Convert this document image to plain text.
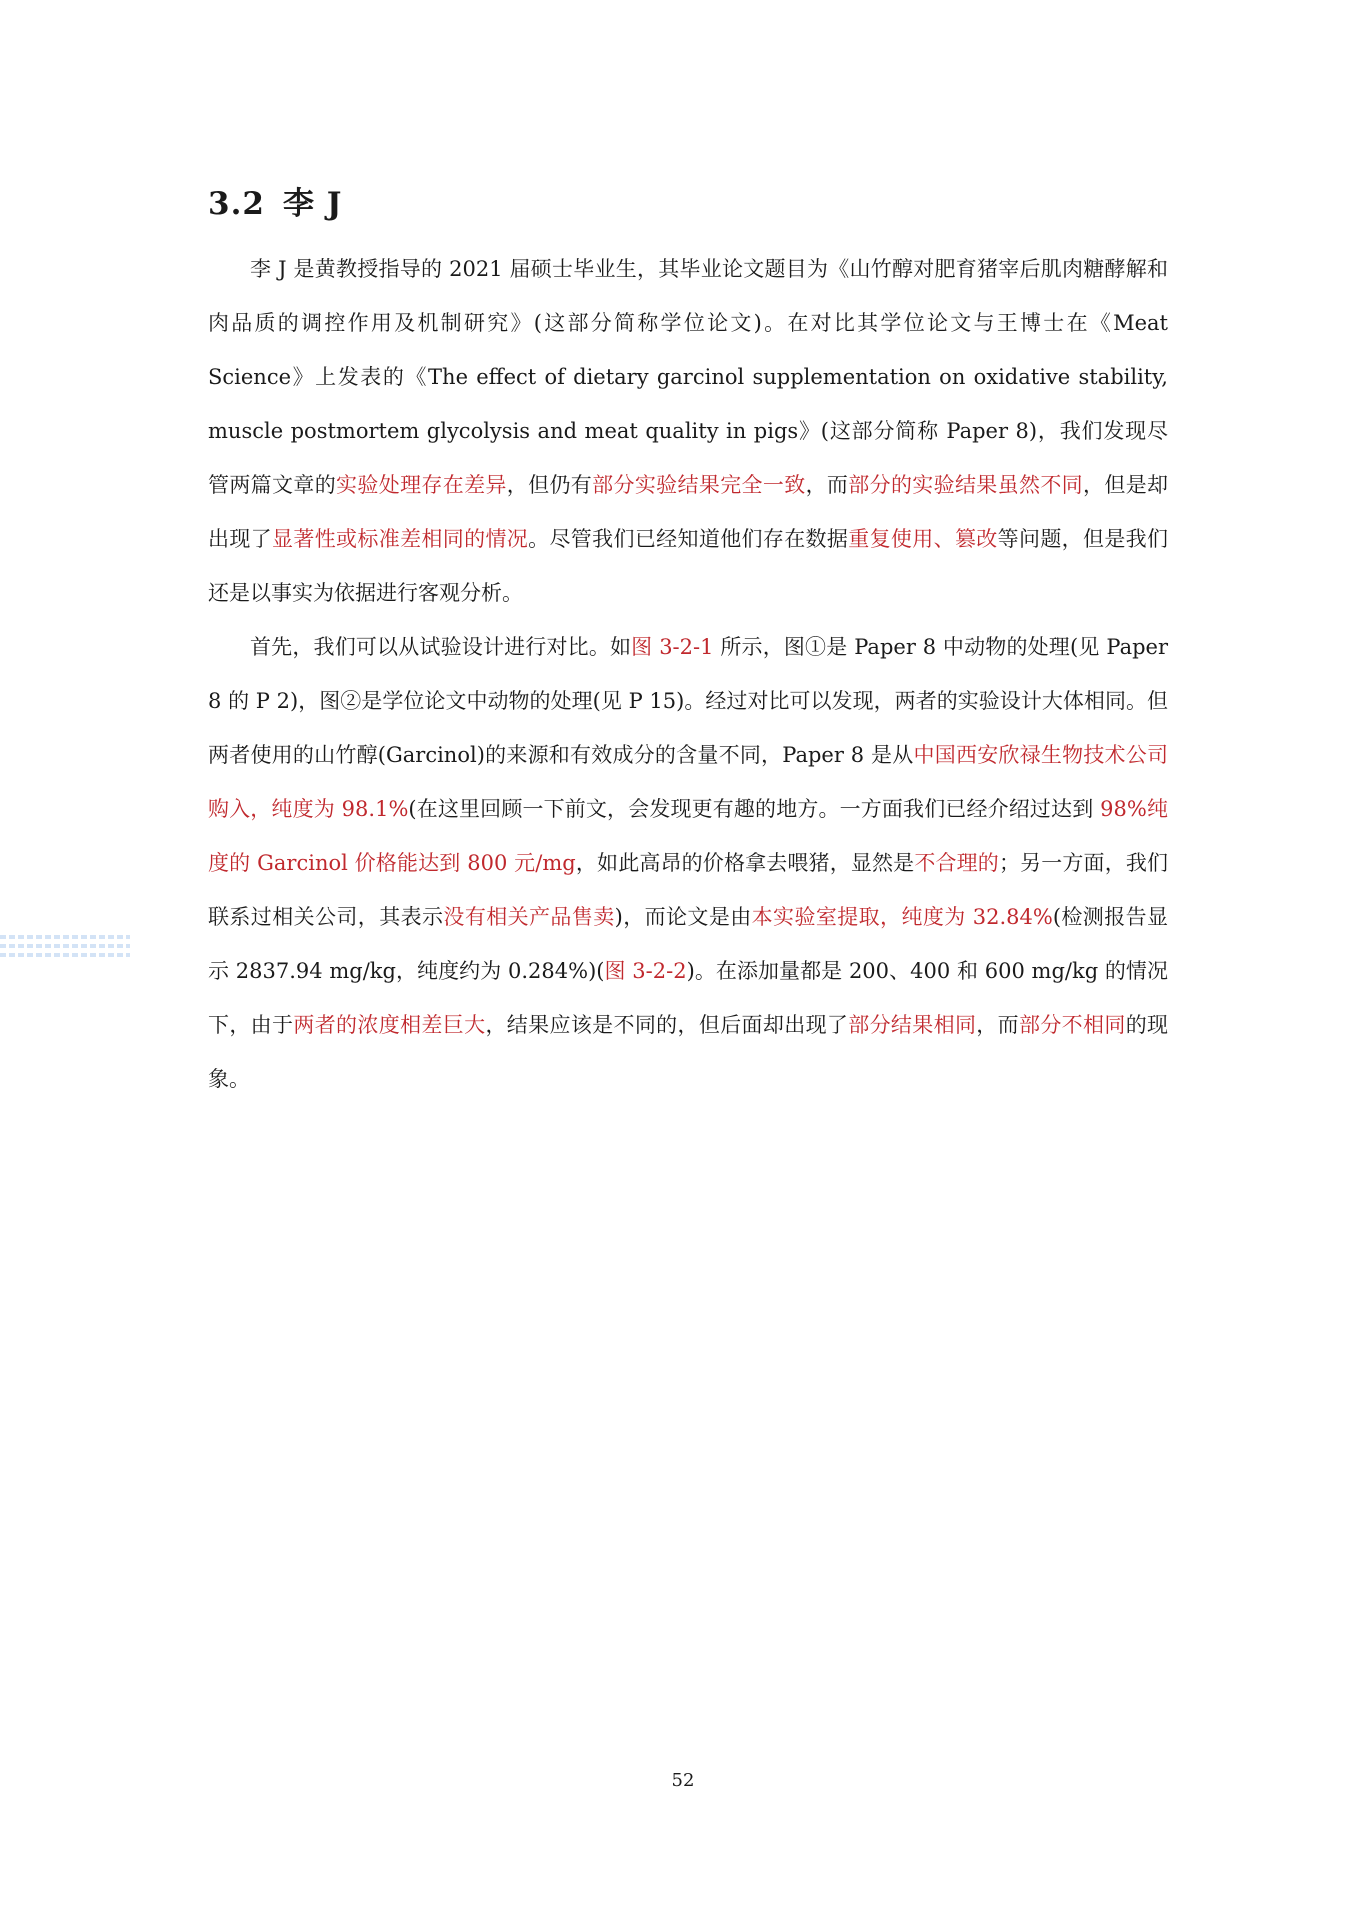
3.2 李 J

李 J 是黄教授指导的 2021 届硕士毕业生，其毕业论文题目为《山竹醇对肥育猪宰后肌肉糖酵解和肉品质的调控作用及机制研究》(这部分简称学位论文)。在对比其学位论文与王博士在《Meat Science》上发表的《The effect of dietary garcinol supplementation on oxidative stability, muscle postmortem glycolysis and meat quality in pigs》(这部分简称 Paper 8)，我们发现尽管两篇文章的实验处理存在差异，但仍有部分实验结果完全一致，而部分的实验结果虽然不同，但是却出现了显著性或标准差相同的情况。尽管我们已经知道他们存在数据重复使用、篡改等问题，但是我们还是以事实为依据进行客观分析。

首先，我们可以从试验设计进行对比。如图 3-2-1 所示，图①是 Paper 8 中动物的处理(见 Paper 8 的 P 2)，图②是学位论文中动物的处理(见 P 15)。经过对比可以发现，两者的实验设计大体相同。但两者使用的山竹醇(Garcinol)的来源和有效成分的含量不同，Paper 8 是从中国西安欣禄生物技术公司购入，纯度为 98.1%(在这里回顾一下前文，会发现更有趣的地方。一方面我们已经介绍过达到 98%纯度的 Garcinol 价格能达到 800 元/mg，如此高昂的价格拿去喂猪，显然是不合理的；另一方面，我们联系过相关公司，其表示没有相关产品售卖)，而论文是由本实验室提取，纯度为 32.84%(检测报告显示 2837.94 mg/kg，纯度约为 0.284%)(图 3-2-2)。在添加量都是 200、400 和 600 mg/kg 的情况下，由于两者的浓度相差巨大，结果应该是不同的，但后面却出现了部分结果相同，而部分不相同的现象。

52
